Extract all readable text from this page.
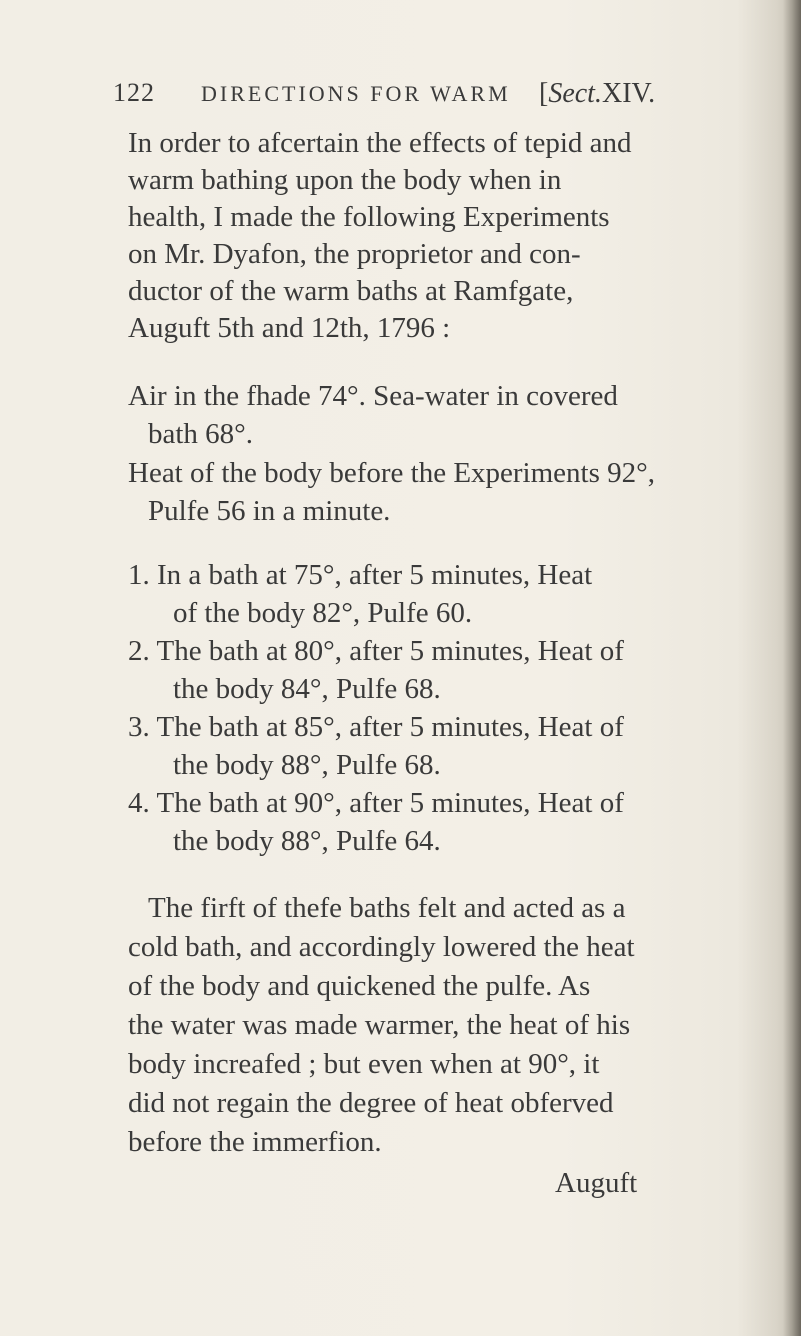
122 DIRECTIONS FOR WARM [Sect.XIV.
In order to afcertain the effects of tepid and
warm bathing upon the body when in
health, I made the following Experiments
on Mr. Dyafon, the proprietor and con-
ductor of the warm baths at Ramfgate,
Auguft 5th and 12th, 1796 :
Air in the fhade 74°. Sea-water in covered
bath 68°.
Heat of the body before the Experiments 92°,
Pulfe 56 in a minute.
1. In a bath at 75°, after 5 minutes, Heat
of the body 82°, Pulfe 60.
2. The bath at 80°, after 5 minutes, Heat of
the body 84°, Pulfe 68.
3. The bath at 85°, after 5 minutes, Heat of
the body 88°, Pulfe 68.
4. The bath at 90°, after 5 minutes, Heat of
the body 88°, Pulfe 64.
The firft of thefe baths felt and acted as a
cold bath, and accordingly lowered the heat
of the body and quickened the pulfe. As
the water was made warmer, the heat of his
body increafed ; but even when at 90°, it
did not regain the degree of heat obferved
before the immerfion.
Auguft
